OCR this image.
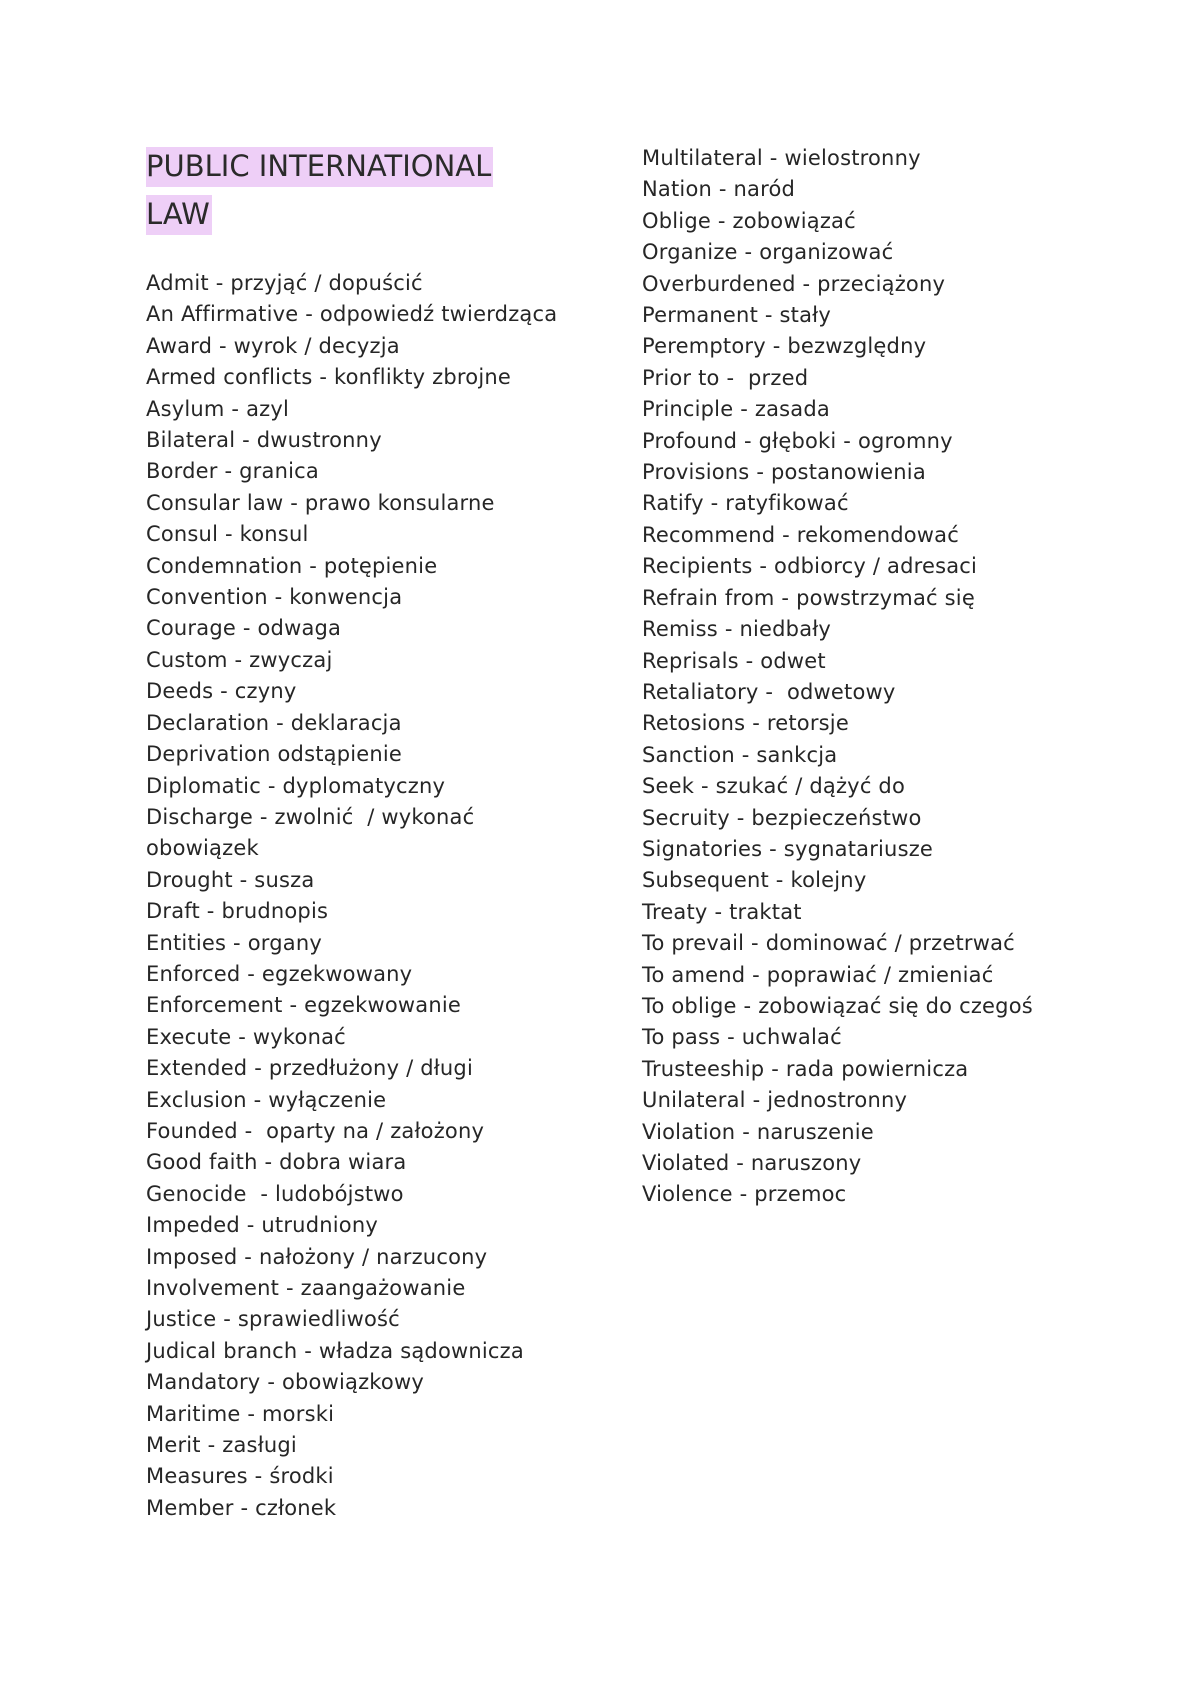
PUBLIC INTERNATIONAL LAW
Admit - przyjąć / dopuścić
An Affirmative - odpowiedź twierdząca
Award - wyrok / decyzja
Armed conflicts - konflikty zbrojne
Asylum - azyl
Bilateral - dwustronny
Border - granica
Consular law - prawo konsularne
Consul - konsul
Condemnation - potępienie
Convention - konwencja
Courage - odwaga
Custom - zwyczaj
Deeds - czyny
Declaration - deklaracja
Deprivation odstąpienie
Diplomatic - dyplomatyczny
Discharge - zwolnić  / wykonać obowiązek
Drought - susza
Draft - brudnopis
Entities - organy
Enforced - egzekwowany
Enforcement - egzekwowanie
Execute - wykonać
Extended - przedłużony / długi
Exclusion - wyłączenie
Founded -  oparty na / założony
Good faith - dobra wiara
Genocide  - ludobójstwo
Impeded - utrudniony
Imposed - nałożony / narzucony
Involvement - zaangażowanie
Justice - sprawiedliwość
Judical branch - władza sądownicza
Mandatory - obowiązkowy
Maritime - morski
Merit - zasługi
Measures - środki
Member - członek
Multilateral - wielostronny
Nation - naród
Oblige - zobowiązać
Organize - organizować
Overburdened - przeciążony
Permanent - stały
Peremptory - bezwzględny
Prior to -  przed
Principle - zasada
Profound - głęboki - ogromny
Provisions - postanowienia
Ratify - ratyfikować
Recommend - rekomendować
Recipients - odbiorcy / adresaci
Refrain from - powstrzymać się
Remiss - niedbały
Reprisals - odwet
Retaliatory -  odwetowy
Retosions - retorsje
Sanction - sankcja
Seek - szukać / dążyć do
Secruity - bezpieczeństwo
Signatories - sygnatariusze
Subsequent - kolejny
Treaty - traktat
To prevail - dominować / przetrwać
To amend - poprawiać / zmieniać
To oblige - zobowiązać się do czegoś
To pass - uchwalać
Trusteeship - rada powiernicza
Unilateral - jednostronny
Violation - naruszenie
Violated - naruszony
Violence - przemoc
